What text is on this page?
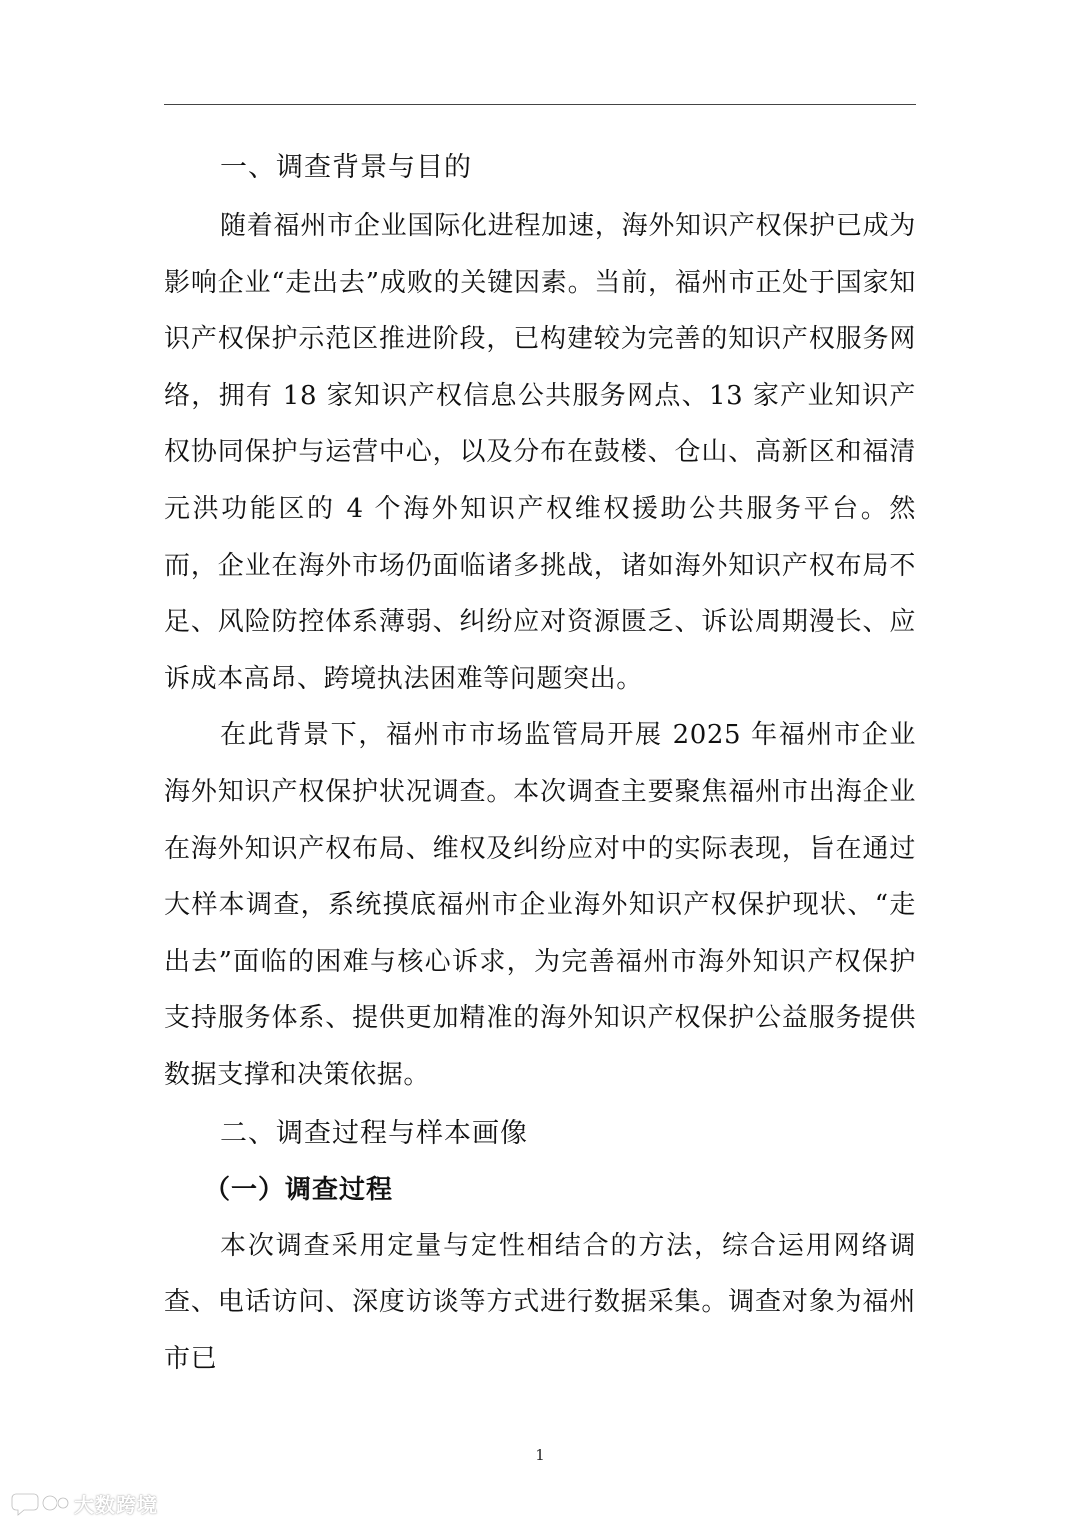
一、调查背景与目的

随着福州市企业国际化进程加速，海外知识产权保护已成为影响企业“走出去”成败的关键因素。当前，福州市正处于国家知识产权保护示范区推进阶段，已构建较为完善的知识产权服务网络，拥有 18 家知识产权信息公共服务网点、13 家产业知识产权协同保护与运营中心，以及分布在鼓楼、仓山、高新区和福清元洪功能区的 4 个海外知识产权维权援助公共服务平台。然而，企业在海外市场仍面临诸多挑战，诸如海外知识产权布局不足、风险防控体系薄弱、纠纷应对资源匮乏、诉讼周期漫长、应诉成本高昂、跨境执法困难等问题突出。

在此背景下，福州市市场监管局开展 2025 年福州市企业海外知识产权保护状况调查。本次调查主要聚焦福州市出海企业在海外知识产权布局、维权及纠纷应对中的实际表现，旨在通过大样本调查，系统摸底福州市企业海外知识产权保护现状、“走出去”面临的困难与核心诉求，为完善福州市海外知识产权保护支持服务体系、提供更加精准的海外知识产权保护公益服务提供数据支撑和决策依据。

二、调查过程与样本画像
（一）调查过程

本次调查采用定量与定性相结合的方法，综合运用网络调查、电话访问、深度访谈等方式进行数据采集。调查对象为福州市已

1
大数跨境
